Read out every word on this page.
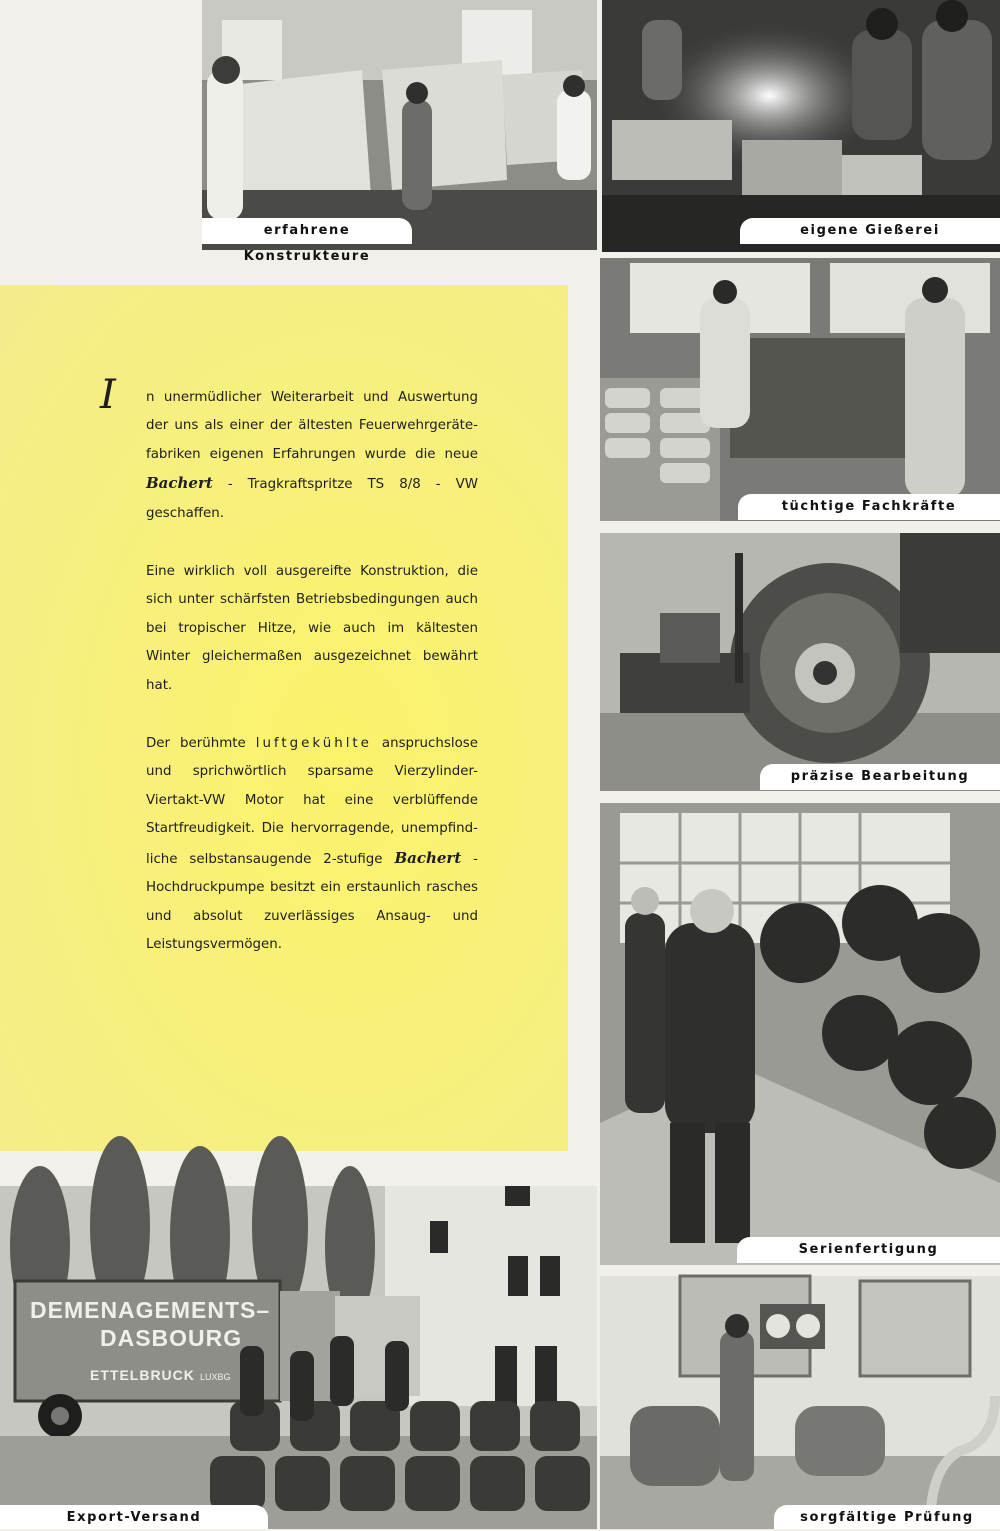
erfahrene Konstrukteure
eigene Gießerei
I n unermüdlicher Weiterarbeit und Auswertung der uns als einer der ältesten Feuerwehrgerätefabriken eigenen Erfahrungen wurde die neue Bachert - Tragkraftspritze TS 8/8 - VW geschaffen.

Eine wirklich voll ausgereifte Konstruktion, die sich unter schärfsten Betriebsbedingungen auch bei tropischer Hitze, wie auch im kältesten Winter gleichermaßen ausgezeichnet bewährt hat.

Der berühmte luftgekühlte anspruchslose und sprichwörtlich sparsame Vierzylinder-Viertakt-VW Motor hat eine verblüffende Startfreudigkeit. Die hervorragende, unempfindliche selbstansaugende 2-stufige Bachert - Hochdruckpumpe besitzt ein erstaunlich rasches und absolut zuverlässiges Ansaug- und Leistungsvermögen.

tüchtige Fachkräfte
präzise Bearbeitung
Serienfertigung
DEMENAGEMENTS–
DASBOURG
ETTELBRUCK LUXBG
Export-Versand	sorgfältige Prüfung
